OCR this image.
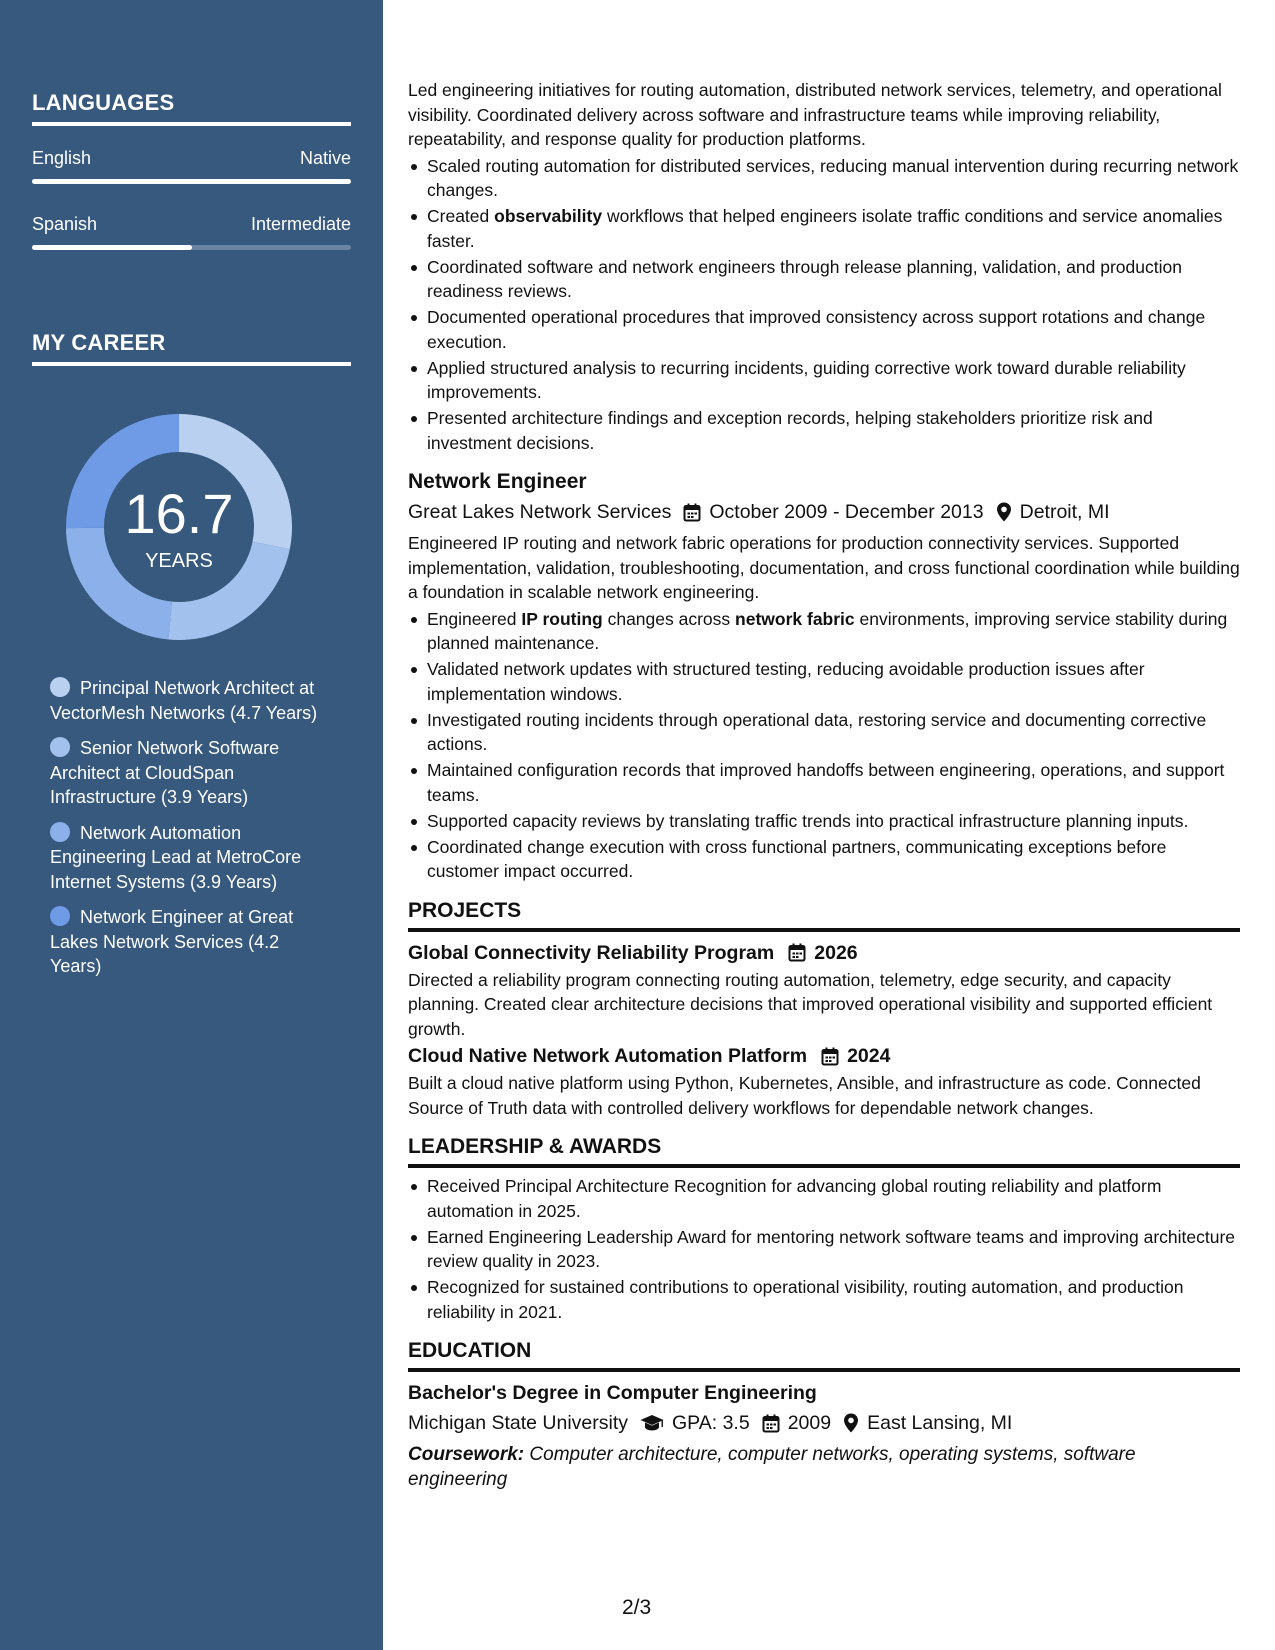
LANGUAGES
English	Native
Spanish	Intermediate
MY CAREER
16.7
YEARS
Principal Network Architect at VectorMesh Networks (4.7 Years)
Senior Network Software Architect at CloudSpan Infrastructure (3.9 Years)
Network Automation Engineering Lead at MetroCore Internet Systems (3.9 Years)
Network Engineer at Great Lakes Network Services (4.2 Years)

Led engineering initiatives for routing automation, distributed network services, telemetry, and operational visibility. Coordinated delivery across software and infrastructure teams while improving reliability, repeatability, and response quality for production platforms.

Scaled routing automation for distributed services, reducing manual intervention during recurring network changes.
Created observability workflows that helped engineers isolate traffic conditions and service anomalies faster.
Coordinated software and network engineers through release planning, validation, and production readiness reviews.
Documented operational procedures that improved consistency across support rotations and change execution.
Applied structured analysis to recurring incidents, guiding corrective work toward durable reliability improvements.
Presented architecture findings and exception records, helping stakeholders prioritize risk and investment decisions.
Network Engineer
Great Lakes Network Services October 2009 - December 2013 Detroit, MI

Engineered IP routing and network fabric operations for production connectivity services. Supported implementation, validation, troubleshooting, documentation, and cross functional coordination while building a foundation in scalable network engineering.

Engineered IP routing changes across network fabric environments, improving service stability during planned maintenance.
Validated network updates with structured testing, reducing avoidable production issues after implementation windows.
Investigated routing incidents through operational data, restoring service and documenting corrective actions.
Maintained configuration records that improved handoffs between engineering, operations, and support teams.
Supported capacity reviews by translating traffic trends into practical infrastructure planning inputs.
Coordinated change execution with cross functional partners, communicating exceptions before customer impact occurred.
PROJECTS
Global Connectivity Reliability Program 2026

Directed a reliability program connecting routing automation, telemetry, edge security, and capacity planning. Created clear architecture decisions that improved operational visibility and supported efficient growth.

Cloud Native Network Automation Platform 2024

Built a cloud native platform using Python, Kubernetes, Ansible, and infrastructure as code. Connected Source of Truth data with controlled delivery workflows for dependable network changes.

LEADERSHIP & AWARDS
Received Principal Architecture Recognition for advancing global routing reliability and platform automation in 2025.
Earned Engineering Leadership Award for mentoring network software teams and improving architecture review quality in 2023.
Recognized for sustained contributions to operational visibility, routing automation, and production reliability in 2021.
EDUCATION
Bachelor's Degree in Computer Engineering
Michigan State University GPA: 3.5 2009 East Lansing, MI
Coursework: Computer architecture, computer networks, operating systems, software engineering
2/3
